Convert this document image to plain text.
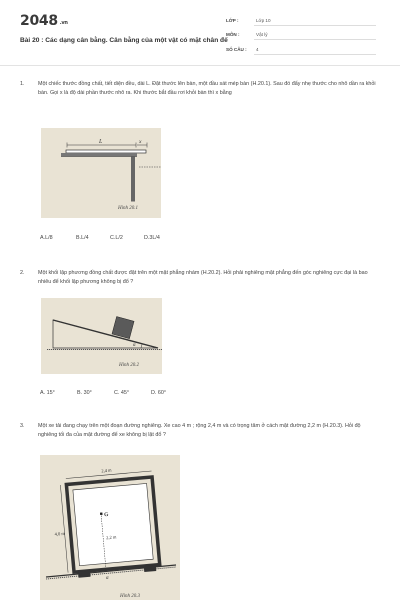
2048 .vn
Bài 20 : Các dạng cân bằng. Cân bằng của một vật có mặt chân đế
LỚP :	Lớp 10
MÔN :	Vật lý
SỐ CÂU : 4
1.	Một chiếc thước đồng chất, tiết diện đều, dài L. Đặt thước lên bàn, một đầu sát mép bàn (H.20.1). Sau đó đẩy nhẹ thước cho nhô dần ra khỏi bàn. Gọi x là độ dài phần thước nhô ra. Khi thước bắt đầu rơi khỏi bàn thì x bằng
L	x
Hình 20.1
A.L/8	B.L/4	C.L/2	D.3L/4
2.	Một khối lập phương đồng chất được đặt trên một mặt phẳng nhám (H.20.2). Hỏi phải nghiêng mặt phẳng đến góc nghiêng cực đại là bao nhiêu để khối lập phương không bị đổ ?
α
Hình 20.2
A. 15°	B. 30°	C. 45°	D. 60°
3.	Một xe tải đang chạy trên một đoạn đường nghiêng. Xe cao 4 m ; rộng 2,4 m và có trọng tâm ở cách mặt đường 2,2 m (H.20.3). Hỏi độ nghiêng tối đa của mặt đường để xe không bị lật đổ ?
G
2,2 m
2,4 m
4,0 m
α
Hình 20.3
